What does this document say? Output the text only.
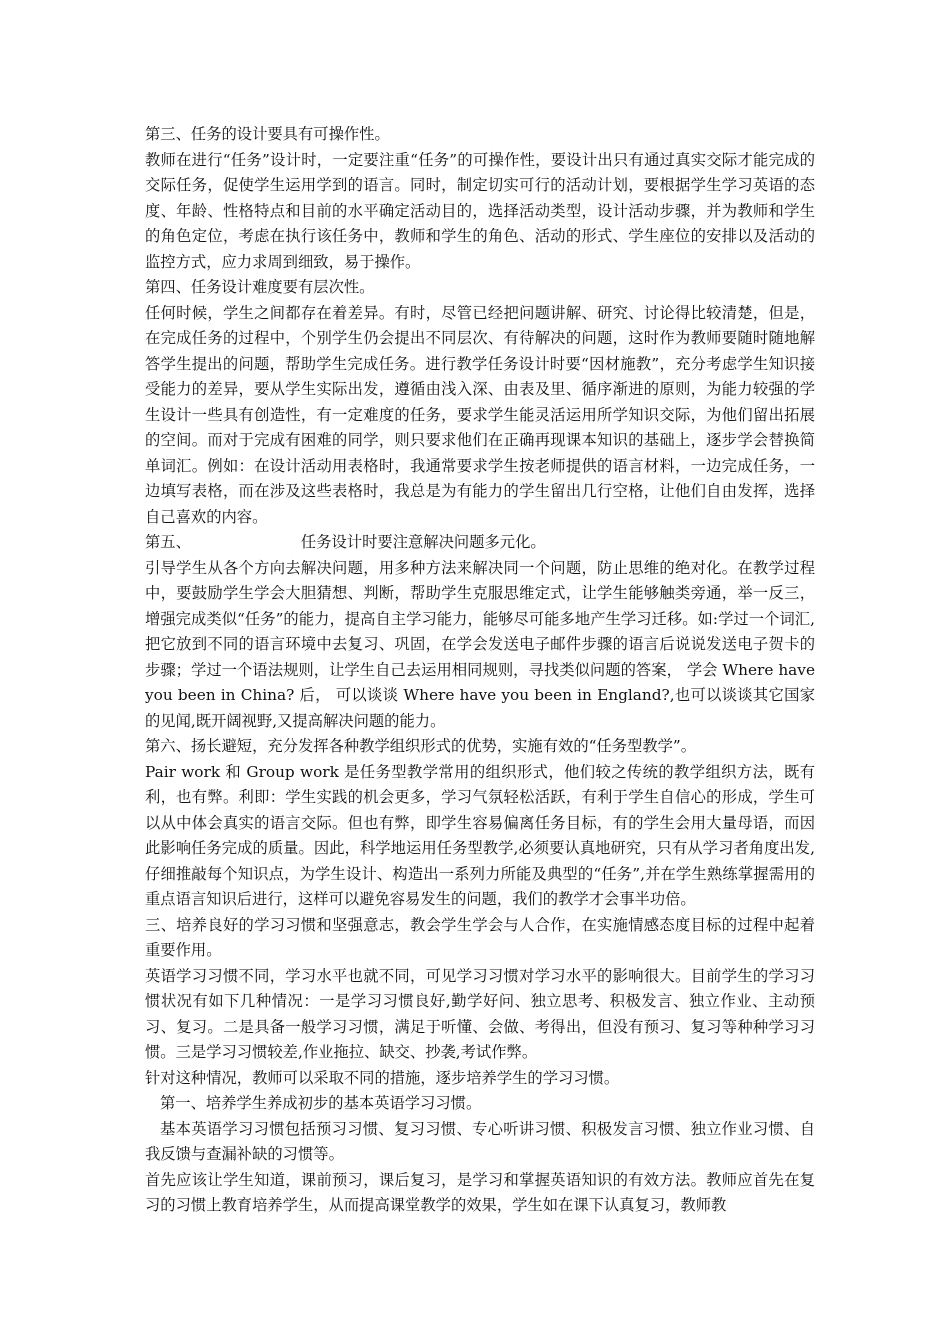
第三、任务的设计要具有可操作性。

教师在进行“任务”设计时，一定要注重“任务”的可操作性，要设计出只有通过真实交际才能完成的交际任务，促使学生运用学到的语言。同时，制定切实可行的活动计划，要根据学生学习英语的态度、年龄、性格特点和目前的水平确定活动目的，选择活动类型，设计活动步骤，并为教师和学生的角色定位，考虑在执行该任务中，教师和学生的角色、活动的形式、学生座位的安排以及活动的监控方式，应力求周到细致，易于操作。

第四、任务设计难度要有层次性。

任何时候，学生之间都存在着差异。有时，尽管已经把问题讲解、研究、讨论得比较清楚，但是，在完成任务的过程中，个别学生仍会提出不同层次、有待解决的问题，这时作为教师要随时随地解答学生提出的问题，帮助学生完成任务。进行教学任务设计时要“因材施教”，充分考虑学生知识接受能力的差异，要从学生实际出发，遵循由浅入深、由表及里、循序渐进的原则，为能力较强的学生设计一些具有创造性，有一定难度的任务，要求学生能灵活运用所学知识交际，为他们留出拓展的空间。而对于完成有困难的同学，则只要求他们在正确再现课本知识的基础上，逐步学会替换简单词汇。例如：在设计活动用表格时，我通常要求学生按老师提供的语言材料，一边完成任务，一边填写表格，而在涉及这些表格时，我总是为有能力的学生留出几行空格，让他们自由发挥，选择自己喜欢的内容。

第五、	任务设计时要注意解决问题多元化。

引导学生从各个方向去解决问题，用多种方法来解决同一个问题，防止思维的绝对化。在教学过程中，要鼓励学生学会大胆猜想、判断，帮助学生克服思维定式，让学生能够触类旁通，举一反三，增强完成类似“任务”的能力，提高自主学习能力，能够尽可能多地产生学习迁移。如:学过一个词汇,把它放到不同的语言环境中去复习、巩固，在学会发送电子邮件步骤的语言后说说发送电子贺卡的步骤；学过一个语法规则，让学生自己去运用相同规则，寻找类似问题的答案， 学会 Where have you been in China? 后， 可以谈谈 Where have you been in England?,也可以谈谈其它国家的见闻,既开阔视野,又提高解决问题的能力。

第六、扬长避短，充分发挥各种教学组织形式的优势，实施有效的“任务型教学”。

Pair work 和 Group work 是任务型教学常用的组织形式，他们较之传统的教学组织方法，既有利，也有弊。利即：学生实践的机会更多，学习气氛轻松活跃，有利于学生自信心的形成，学生可以从中体会真实的语言交际。但也有弊，即学生容易偏离任务目标，有的学生会用大量母语，而因此影响任务完成的质量。因此，科学地运用任务型教学,必须要认真地研究，只有从学习者角度出发,仔细推敲每个知识点，为学生设计、构造出一系列力所能及典型的“任务”,并在学生熟练掌握需用的重点语言知识后进行，这样可以避免容易发生的问题，我们的教学才会事半功倍。

三、培养良好的学习习惯和坚强意志，教会学生学会与人合作，在实施情感态度目标的过程中起着重要作用。

英语学习习惯不同，学习水平也就不同，可见学习习惯对学习水平的影响很大。目前学生的学习习惯状况有如下几种情况：一是学习习惯良好,勤学好问、独立思考、积极发言、独立作业、主动预习、复习。二是具备一般学习习惯，满足于听懂、会做、考得出，但没有预习、复习等种种学习习惯。三是学习习惯较差,作业拖拉、缺交、抄袭,考试作弊。

针对这种情况，教师可以采取不同的措施，逐步培养学生的学习习惯。

第一、培养学生养成初步的基本英语学习习惯。

基本英语学习习惯包括预习习惯、复习习惯、专心听讲习惯、积极发言习惯、独立作业习惯、自我反馈与查漏补缺的习惯等。

首先应该让学生知道，课前预习，课后复习，是学习和掌握英语知识的有效方法。教师应首先在复习的习惯上教育培养学生，从而提高课堂教学的效果，学生如在课下认真复习，教师教
